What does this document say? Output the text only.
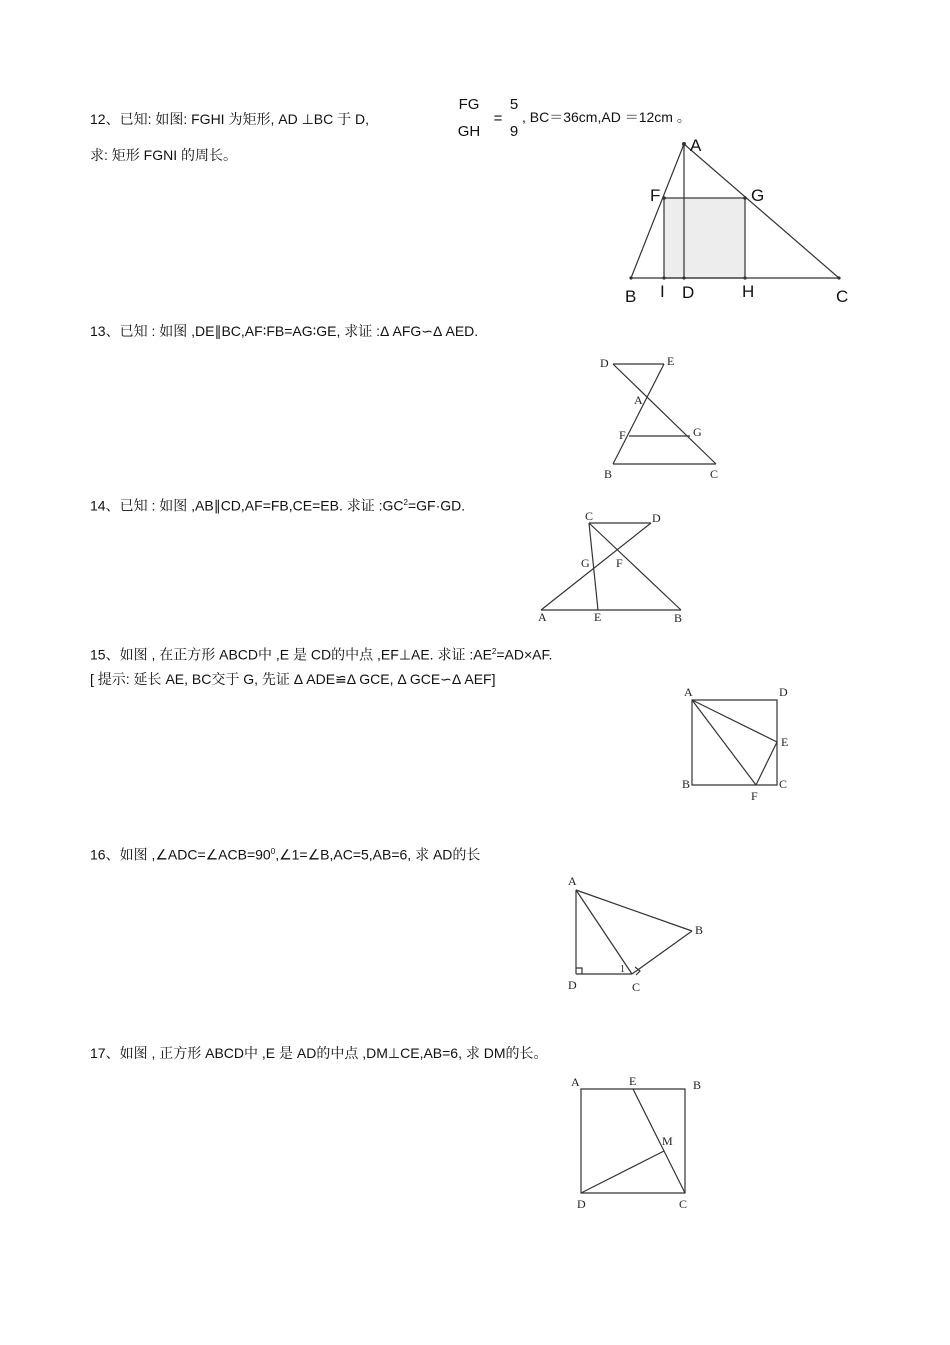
12、已知: 如图: FGHI 为矩形, AD ⊥BC 于 D,
FG
GH
=
5
9
, BC＝36cm,AD ＝12cm 。
求: 矩形 FGNI 的周长。	A
F	G
B I D	H	C
13、已知 : 如图 ,DE∥BC,AF∶FB=AG∶GE, 求证 :Δ AFG∽Δ AED.
D	E
A
F	G
B	C
14、已知 : 如图 ,AB∥CD,AF=FB,CE=EB. 求证 $:GC^2=GF\cdot GD$.
C	D
G F
A	E	B
15、如图 , 在正方形 ABCD中 ,E 是 CD的中点 ,EF⊥AE. 求证 $:AE^2=AD\times AF$.
[ 提示: 延长 AE, BC交于 G, 先证 Δ ADE≌Δ GCE, Δ GCE∽Δ AEF]
A	D
E
B
F
C
16、如图 $,\angle ADC=\angle ACB=90^0,\angle 1=\angle B,AC=5,AB=6$, 求 AD的长
A
B
D	C
1
17、如图 , 正方形 ABCD中 ,E 是 AD的中点 ,DM⊥CE,AB=6, 求 DM的长。
A	E	B
M
D	C
